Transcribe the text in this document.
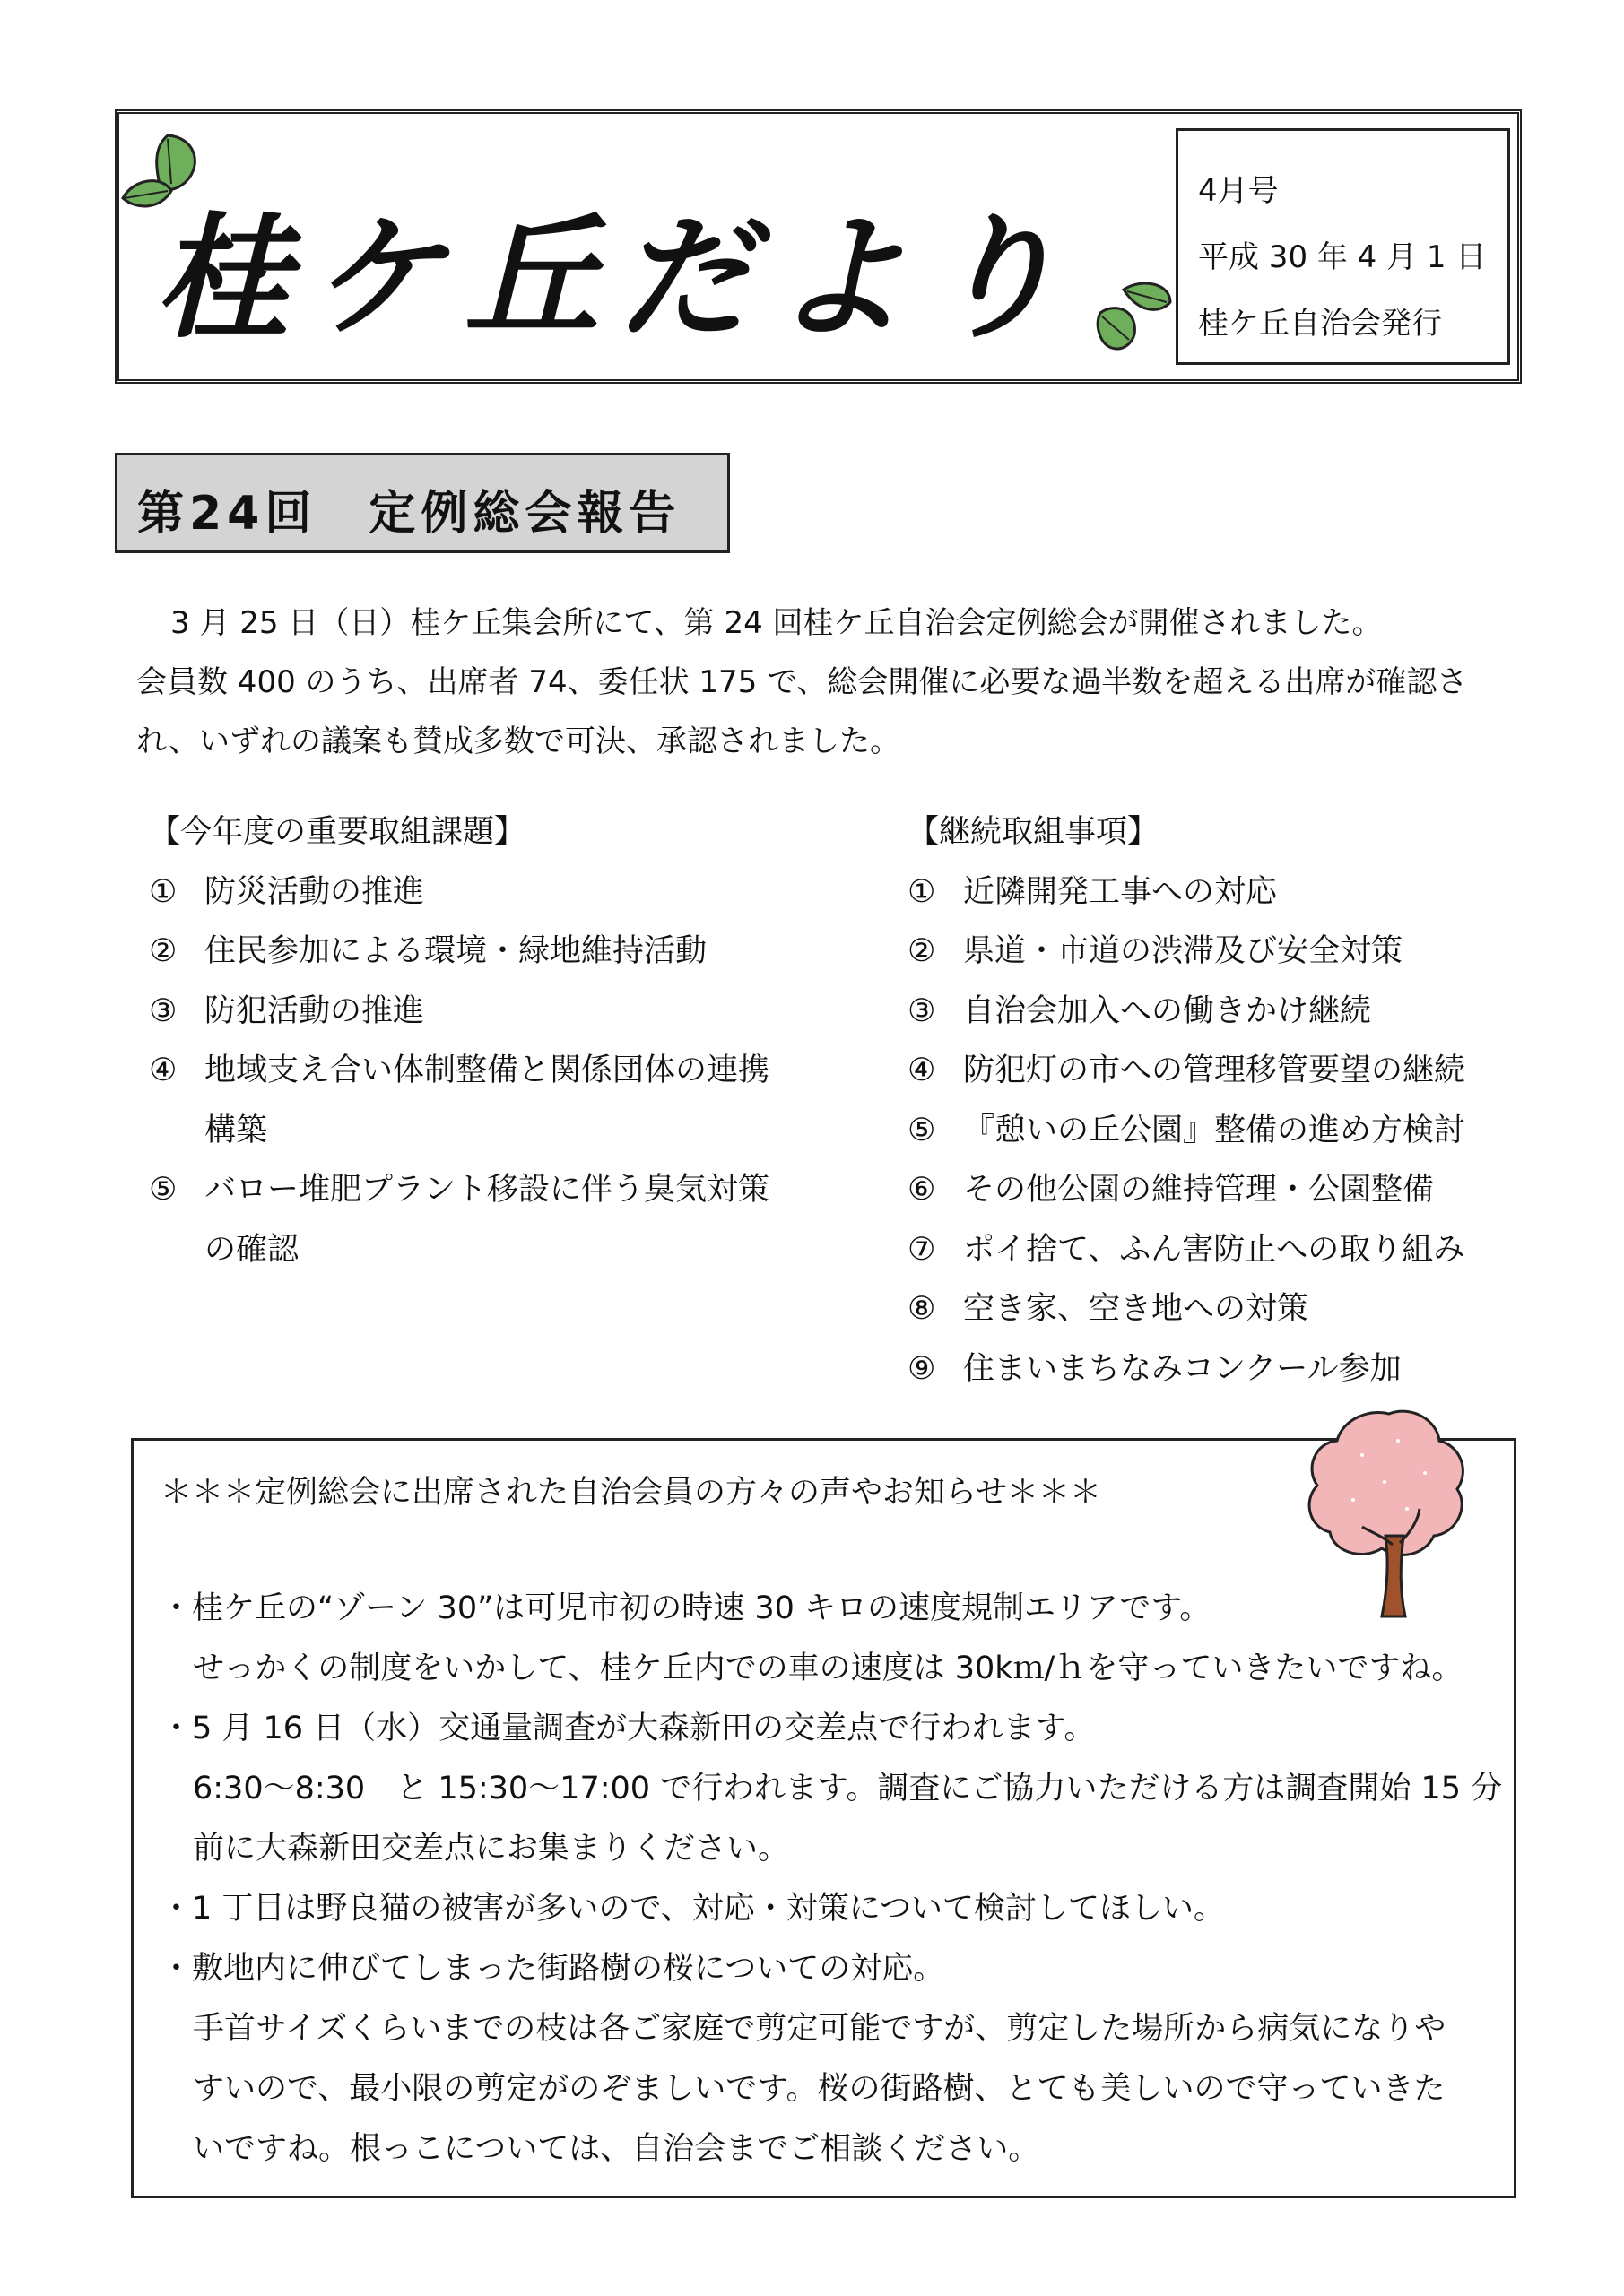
桂ケ丘だより
4月号
平成 30 年 4 月 1 日
桂ケ丘自治会発行
第24回　定例総会報告

3 月 25 日（日）桂ケ丘集会所にて、第 24 回桂ケ丘自治会定例総会が開催されました。

会員数 400 のうち、出席者 74、委任状 175 で、総会開催に必要な過半数を超える出席が確認さ

れ、いずれの議案も賛成多数で可決、承認されました。

【今年度の重要取組課題】
① 防災活動の推進
② 住民参加による環境・緑地維持活動
③ 防犯活動の推進
④ 地域支え合い体制整備と関係団体の連携
構築
⑤ バロー堆肥プラント移設に伴う臭気対策
の確認
【継続取組事項】
① 近隣開発工事への対応
② 県道・市道の渋滞及び安全対策
③ 自治会加入への働きかけ継続
④ 防犯灯の市への管理移管要望の継続
⑤ 『憩いの丘公園』整備の進め方検討
⑥ その他公園の維持管理・公園整備
⑦ ポイ捨て、ふん害防止への取り組み
⑧ 空き家、空き地への対策
⑨ 住まいまちなみコンクール参加
＊＊＊定例総会に出席された自治会員の方々の声やお知らせ＊＊＊

・桂ケ丘の“ゾーン 30”は可児市初の時速 30 キロの速度規制エリアです。

せっかくの制度をいかして、桂ケ丘内での車の速度は 30kｍ/ｈを守っていきたいですね。

・5 月 16 日（水）交通量調査が大森新田の交差点で行われます。

6:30～8:30　と 15:30～17:00 で行われます。調査にご協力いただける方は調査開始 15 分

前に大森新田交差点にお集まりください。

・1 丁目は野良猫の被害が多いので、対応・対策について検討してほしい。

・敷地内に伸びてしまった街路樹の桜についての対応。

手首サイズくらいまでの枝は各ご家庭で剪定可能ですが、剪定した場所から病気になりや

すいので、最小限の剪定がのぞましいです。桜の街路樹、とても美しいので守っていきた

いですね。根っこについては、自治会までご相談ください。
